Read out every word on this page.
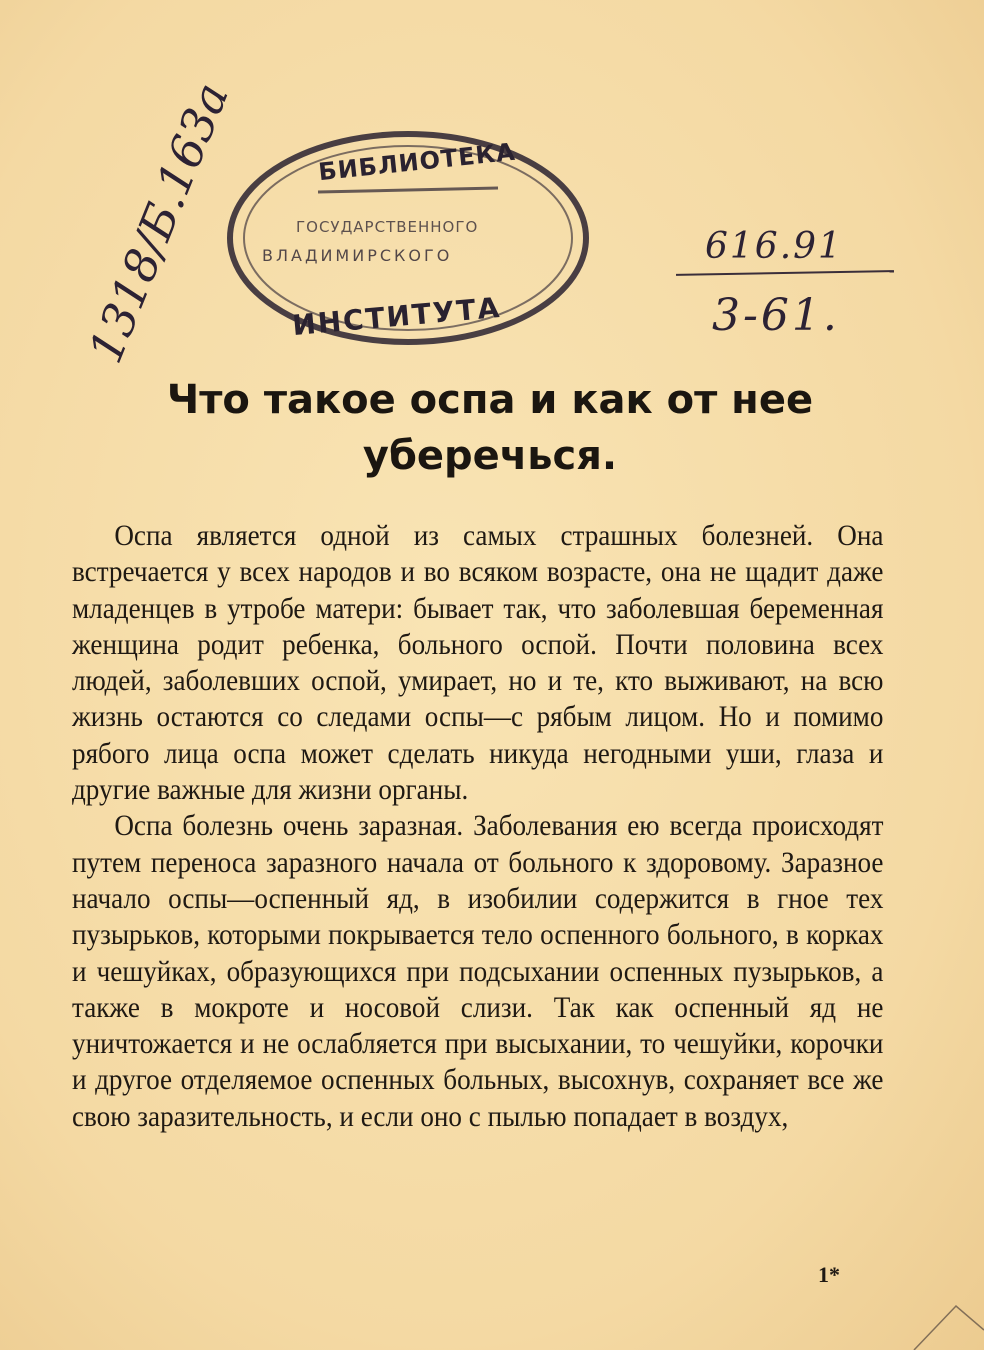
БИБЛИОТЕКА
ГОСУДАРСТВЕННОГО
ВЛАДИМИРСКОГО
ИНСТИТУТА
1318/Б.163а	616.91
3-61.
Что такое оспа и как от нее уберечься.

Оспа является одной из самых страшных болезней. Она встречается у всех народов и во всяком возрасте, она не щадит даже младенцев в утробе матери: бывает так, что заболевшая беременная женщина родит ребенка, больного оспой. Почти половина всех людей, заболевших оспой, умирает, но и те, кто выживают, на всю жизнь остаются со следами оспы—с рябым лицом. Но и помимо рябого лица оспа может сделать никуда негодными уши, глаза и другие важные для жизни органы.

Оспа болезнь очень заразная. Заболевания ею всегда происходят путем переноса заразного начала от больного к здоровому. Заразное начало оспы—оспенный яд, в изобилии содержится в гное тех пузырьков, которыми покрывается тело оспенного больного, в корках и чешуйках, образующихся при подсыхании оспенных пузырьков, а также в мокроте и носовой слизи. Так как оспенный яд не уничтожается и не ослабляется при высыхании, то чешуйки, корочки и другое отделяемое оспенных больных, высохнув, сохраняет все же свою заразительность, и если оно с пылью попадает в воздух,

1*
